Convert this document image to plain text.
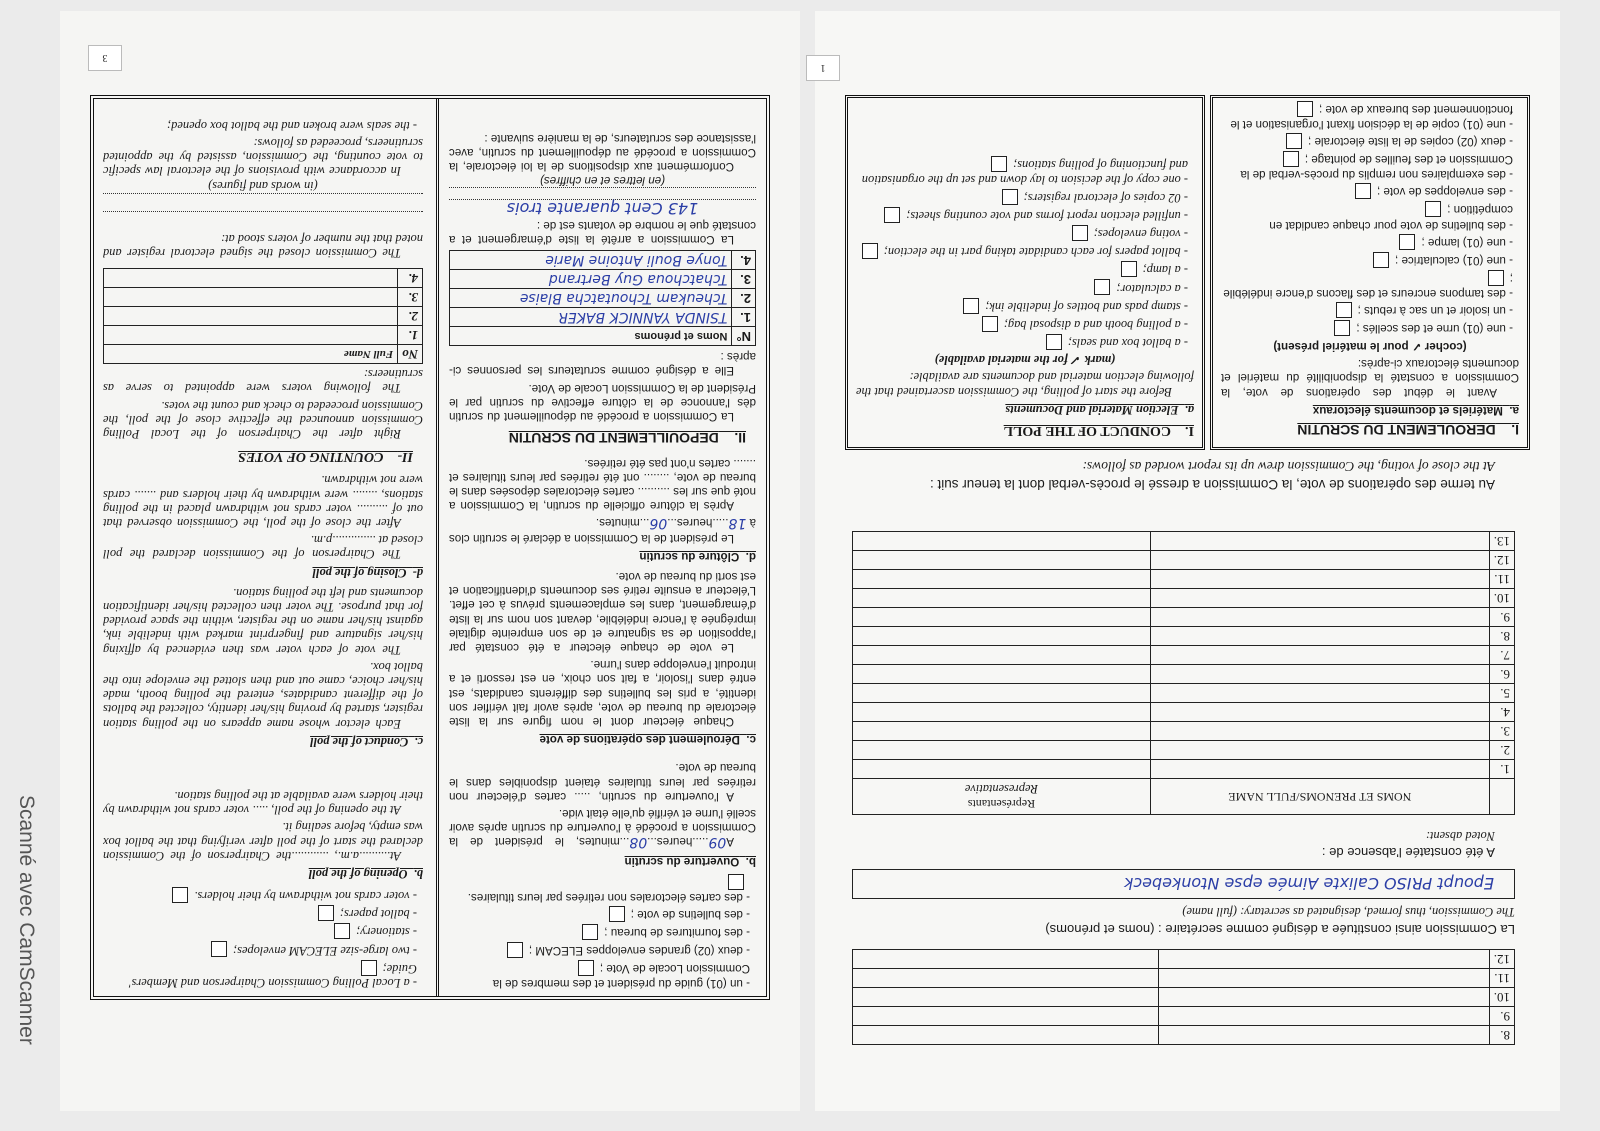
1
8.		
9.		
10.		
11.		
12.		
La Commission ainsi constituée a désigné comme secrétaire : (noms et prénoms)
The Commission, thus formed, designated as secretary: (full name)
Epoupt PRISO Calixte Aimée epse Ntonkebeck
A été constatée l'absence de :
Noted absent:
	NOMS ET PRENOMS/FULL NAME	Représentants
Representative

1.		
2.		
3.		
4.		
5.		
6.		
7.		
8.		
9.		
10.		
11.		
12.		
13.		
Au terme des opérations de vote, la Commission a dressé le procès-verbal dont la teneur suit :
At the close of voting, the Commission drew up its report worded as follows:
I.    DEROULEMENT DU SCRUTIN
a.  Matériels et documents électoraux
Avant le début des opérations de vote, la Commission a constaté la disponibilité du matériel et documents électoraux ci-après:
(cocher ✓ pour le matériel présent)
- une (01) urne et des scellés ;
- un isoloir et un sac à rebuts ;
- des tampons encreurs et des flacons d'encre indélébile ;
- une (01) calculatrice ;
- une (01) lampe ;
- des bulletins de vote pour chaque candidat en compétition ;
- des enveloppes de vote ;
- des exemplaires non remplis du procès-verbal de la Commission et des feuilles de pointage ;
- deux (02) copies de la liste électorale ;
- une (01) copie de la décision fixant l'organisation et le fonctionnement des bureaux de vote ;
I.    CONDUCT OF THE POLL
a.  Election Material and Documents
Before the start of polling, the Commission ascertained that the following election material and documents are available:
(mark ✓ for the material available)
- a ballot box and seals;
- a polling booth and a disposal bag;
- stamp pads and bottles of indelible ink;
- a calculator;
- a lamp;
- ballot papers for each candidate taking part in the election;
- voting envelopes;
- unfilled election report forms and vote counting sheets;
- 02 copies of electoral registers;
- one copy of the decision to lay down and set up the organisation and functioning of polling stations;
3
- un (01) guide du président et des membres de la Commission Locale de Vote ;
- deux (02) grandes enveloppes ELECAM ;
- des fournitures de bureau ;
- des bulletins de vote ;
- des cartes électorales non retirées par leurs titulaires.
b.  Ouverture du scrutin
A09.....heures...08...minutes, le président de la Commission a procédé à l'ouverture du scrutin après avoir scellé l'urne et vérifié qu'elle était vide.
A l'ouverture du scrutin, ..... cartes d'électeur non retirées par leurs titulaires étaient disponibles dans le bureau de vote.
c.  Déroulement des opérations de vote
Chaque électeur dont le nom figure sur la liste électorale du bureau de vote, après avoir fait vérifier son identité, a pris les bulletins des différents candidats, est entré dans l'isoloir, a fait son choix, en est ressorti et a introduit l'enveloppe dans l'urne.
Le vote de chaque électeur a été constaté par l'apposition de sa signature et de son empreinte digitale imprégnée à l'encre indélébile, devant son nom sur la liste d'émargement, dans les emplacements prévus à cet effet. L'électeur a ensuite retiré ses documents d'identification et est sorti du bureau de vote.
d.  Clôture du scrutin
Le président de la Commission a déclaré le scrutin clos à 18.....heures...06...minutes.
Après la clôture officielle du scrutin, la Commission a noté que sur les .......... cartes électorales déposées dans le bureau de vote, ........ ont été retirées par leurs titulaires et ....... cartes n'ont pas été retirées.
II.    DEPOUILLEMENT DU SCRUTIN
La Commission a procédé au dépouillement du scrutin dès l'annonce de la clôture effective du scrutin par le Président de la Commission Locale de Vote.
Elle a désigné comme scrutateurs les personnes ci-après :
N°	Noms et prénoms
1.	TSINDA YANNICK BAKER
2.	Tcheukam Tchoutatcha Blaise
3.	Tchatchoua Guy Bertrand
4.	Tonye Bouli Antoine Marie
La Commission a arrêté la liste d'émargement et a constaté que le nombre de votants est de :
143 Cent quarante trois
(en lettres et en chiffres)
Conformément aux dispositions de la loi électorale, la Commission a procédé au dépouillement du scrutin, avec l'assistance des scrutateurs, de la manière suivante :
- a Local Polling Commission Chairperson and Members' Guide;
- two large-size ELECAM envelopes;
- stationery;
- ballot papers;
- voter cards not withdrawn by their holders.
b.  Opening of the poll
At..........a.m., ............the Chairperson of the Commission declared the start of the poll after verifying that the ballot box was empty, before sealing it.
At the opening of the poll, ..... voter cards not withdrawn by their holders were available at the polling station.
c.  Conduct of the poll
Each elector whose name appears on the polling station register, started by proving his/her identity, collected the ballots of the different candidates, entered the polling booth, made his/her choice, came out and then slotted the envelope into the ballot box.
The vote of each voter was then evidenced by affixing his/her signature and fingerprint marked with indelible ink, against his/her name on the register, within the space provided for that purpose. The voter then collected his/her identification documents and left the polling station.
d-  Closing of the poll
The Chairperson of the Commission declared the poll closed at ..............p.m.
After the close of the poll, the Commission observed that out of .......... voter cards not withdrawn placed in the polling stations, ........ were withdrawn by their holders and ....... cards were not withdrawn.
II-    COUNTING OF VOTES
Right after the Chairperson of the Local Polling Commission announced the effective close of the poll, the Commission proceeded to check and count the votes.
The following voters were appointed to serve as scrutineers:
No	Full Name
1.	
2.	
3.	
4.	
The Commission closed the signed electoral register and noted that the number of voters stood at:
(in words and figures)
In accordance with provisions of the electoral law specific to vote counting, the Commission, assisted by the appointed scrutineers, proceeded as follows:
- the seals were broken and the ballot box opened;
Scanné avec CamScanner
